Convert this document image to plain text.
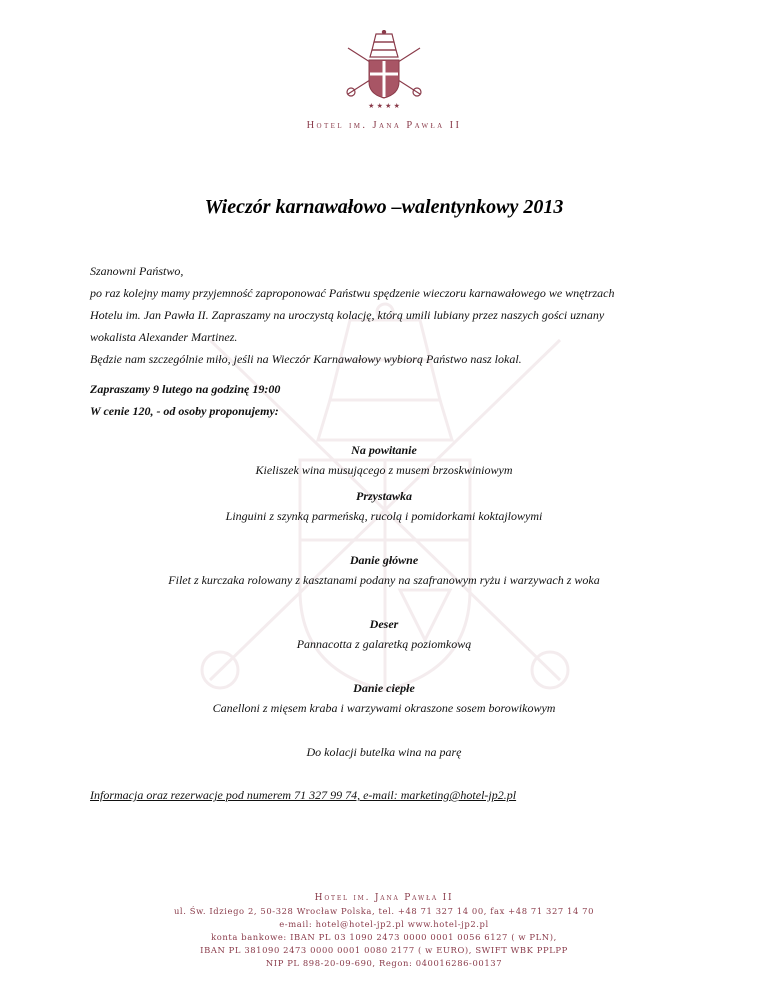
★ ★ ★ ★
Hotel im. Jana Pawła II
Wieczór karnawałowo –walentynkowy 2013

Szanowni Państwo,

po raz kolejny mamy przyjemność zaproponować Państwu spędzenie wieczoru karnawałowego we wnętrzach

Hotelu im. Jan Pawła II. Zapraszamy na uroczystą kolację, którą umili lubiany przez naszych gości uznany

wokalista Alexander Martinez.

Będzie nam szczególnie miło, jeśli na Wieczór Karnawałowy wybiorą Państwo nasz lokal.

Zapraszamy 9 lutego na godzinę 19:00

W cenie 120, - od osoby proponujemy:

Na powitanie

Kieliszek wina musującego z musem brzoskwiniowym

Przystawka

Linguini z szynką parmeńską, rucolą i pomidorkami koktajlowymi

Danie główne

Filet z kurczaka rolowany z kasztanami podany na szafranowym ryżu i warzywach z woka

Deser

Pannacotta z galaretką poziomkową

Danie ciepłe

Canelloni z mięsem kraba i warzywami okraszone sosem borowikowym

Do kolacji butelka wina na parę

Informacja oraz rezerwacje pod numerem 71 327 99 74, e-mail: marketing@hotel-jp2.pl

Hotel im. Jana Pawła II

ul. Św. Idziego 2, 50-328 Wrocław Polska, tel. +48 71 327 14 00, fax +48 71 327 14 70

e-mail: hotel@hotel-jp2.pl www.hotel-jp2.pl

konta bankowe: IBAN PL 03 1090 2473 0000 0001 0056 6127 ( w PLN),

IBAN PL 381090 2473 0000 0001 0080 2177 ( w EURO), SWIFT WBK PPLPP

NIP PL 898-20-09-690, Regon: 040016286-00137
